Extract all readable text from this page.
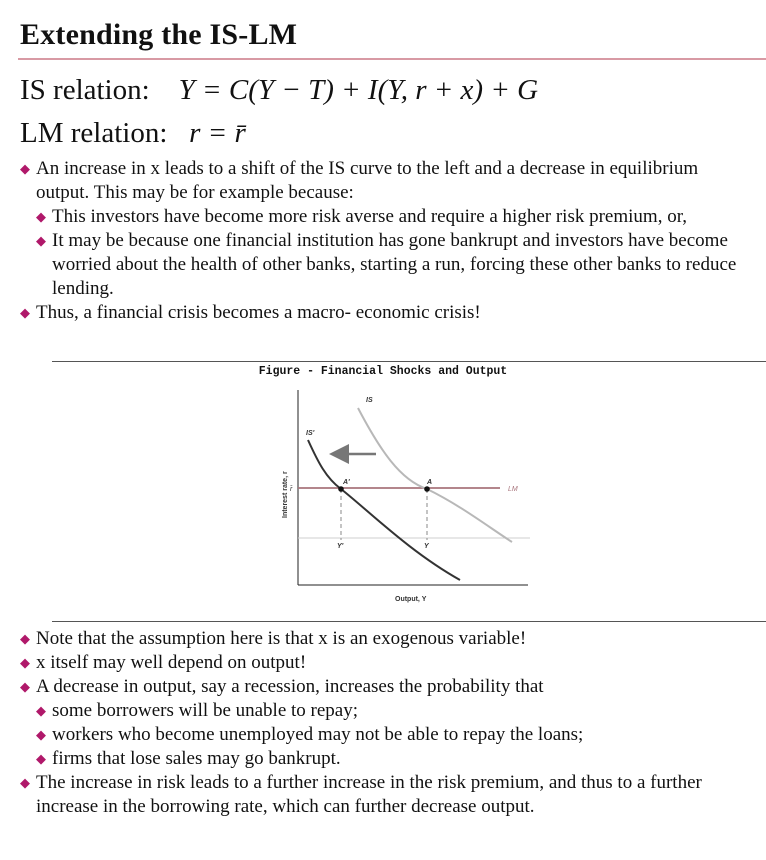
Extending the IS-LM
IS relation: Y = C(Y − T) + I(Y, r + x) + G
LM relation: r = r̄
◆ An increase in x leads to a shift of the IS curve to the left and a decrease in equilibrium output. This may be for example because:
◆ This investors have become more risk averse and require a higher risk premium, or,
◆ It may be because one financial institution has gone bankrupt and investors have become worried about the health of other banks, starting a run, forcing these other banks to reduce lending.
◆ Thus, a financial crisis becomes a macro- economic crisis!
Figure - Financial Shocks and Output
IS
IS'
LM
A
A'
r̄
Y
Y'
Output, Y
Interest rate, r
◆ Note that the assumption here is that x is an exogenous variable!
◆ x itself may well depend on output!
◆ A decrease in output, say a recession, increases the probability that
◆ some borrowers will be unable to repay;
◆ workers who become unemployed may not be able to repay the loans;
◆ firms that lose sales may go bankrupt.
◆ The increase in risk leads to a further increase in the risk premium, and thus to a further increase in the borrowing rate, which can further decrease output.
